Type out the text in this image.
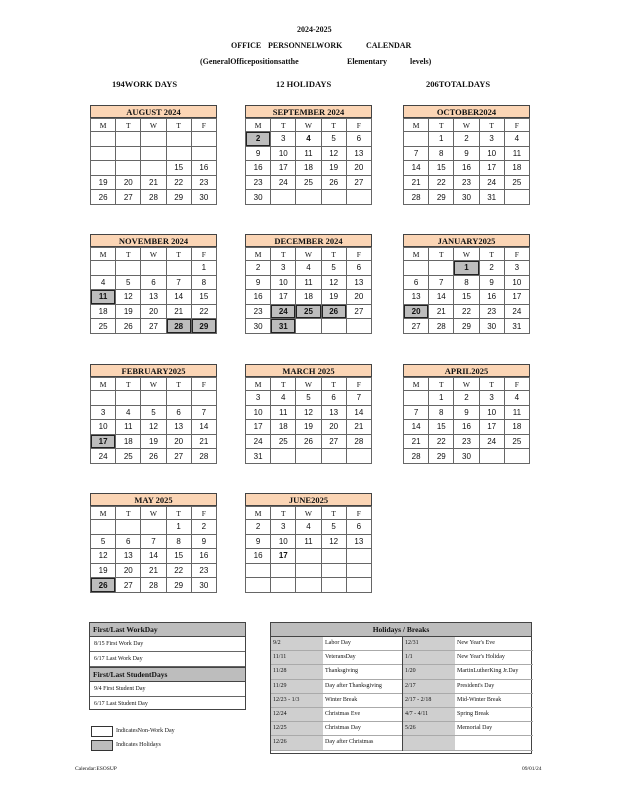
2024-2025
OFFICE PERSONNELWORK	CALENDAR
(GeneralOfficepositionsatthe	Elementary	levels)
194WORK DAYS	12 HOLIDAYS	206TOTALDAYS
AUGUST 2024
M	T	W	T	F

			15	16
19	20	21	22	23
26	27	28	29	30
SEPTEMBER 2024
M	T	W	T	F
2	3	4	5	6
9	10	11	12	13
16	17	18	19	20
23	24	25	26	27
30				
OCTOBER2024
M	T	W	T	F
	1	2	3	4
7	8	9	10	11
14	15	16	17	18
21	22	23	24	25
28	29	30	31	
NOVEMBER 2024
M	T	W	T	F
				1
4	5	6	7	8
11	12	13	14	15
18	19	20	21	22
25	26	27	28	29
DECEMBER 2024
M	T	W	T	F
2	3	4	5	6
9	10	11	12	13
16	17	18	19	20
23	24	25	26	27
30	31			
JANUARY2025
M	T	W	T	F
		1	2	3
6	7	8	9	10
13	14	15	16	17
20	21	22	23	24
27	28	29	30	31
FEBRUARY2025
M	T	W	T	F

3	4	5	6	7
10	11	12	13	14
17	18	19	20	21
24	25	26	27	28
MARCH 2025
M	T	W	T	F
3	4	5	6	7
10	11	12	13	14
17	18	19	20	21
24	25	26	27	28
31				
APRIL2025
M	T	W	T	F
	1	2	3	4
7	8	9	10	11
14	15	16	17	18
21	22	23	24	25
28	29	30		
MAY 2025
M	T	W	T	F
			1	2
5	6	7	8	9
12	13	14	15	16
19	20	21	22	23
26	27	28	29	30
JUNE2025
M	T	W	T	F
2	3	4	5	6
9	10	11	12	13
16	17			

First/Last WorkDay
8/15 First Work Day
6/17 Last Work Day
First/Last StudentDays
9/4 First Student Day
6/17 Last Student Day
IndicatesNon-Work Day
Indicates Holidays
Holidays / Breaks
9/2	Labor Day
11/11	VeteransDay
11/28	Thanksgiving
11/29	Day after Thanksgiving
12/23 - 1/3	Winter Break
12/24	Christmas Eve
12/25	Christmas Day
12/26	Day after Christmas
12/31	New Year's Eve
1/1	New Year's Holiday
1/20	MartinLutherKing Jr.Day
2/17	President's Day
2/17 - 2/18	Mid-Winter Break
4/7 - 4/11	Spring Break
5/26	Memorial Day
Calendar:ESOSUP	09/01/24
